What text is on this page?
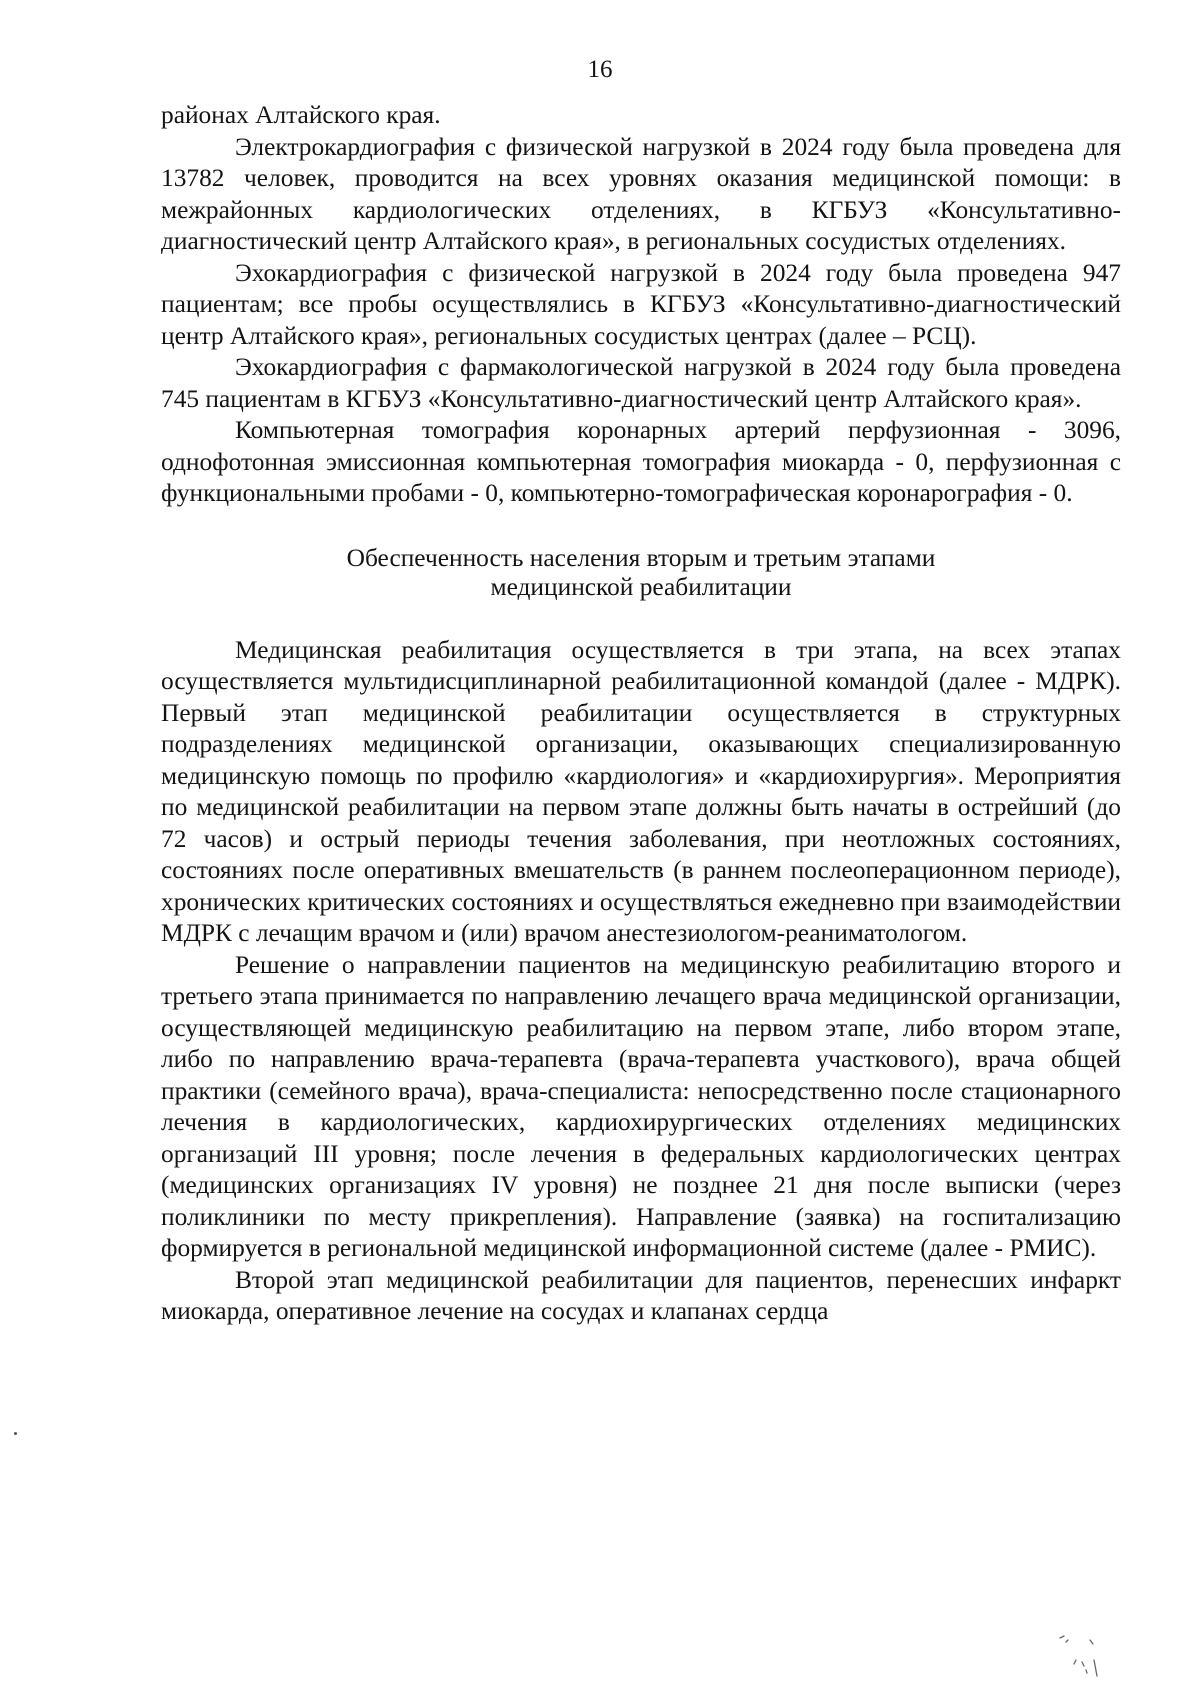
16

районах Алтайского края.

Электрокардиография с физической нагрузкой в 2024 году была проведена для 13782 человек, проводится на всех уровнях оказания медицинской помощи: в межрайонных кардиологических отделениях, в КГБУЗ «Консультативно-диагностический центр Алтайского края», в региональных сосудистых отделениях.

Эхокардиография с физической нагрузкой в 2024 году была проведена 947 пациентам; все пробы осуществлялись в КГБУЗ «Консультативно-диагностический центр Алтайского края», региональных сосудистых центрах (далее – РСЦ).

Эхокардиография с фармакологической нагрузкой в 2024 году была проведена 745 пациентам в КГБУЗ «Консультативно-диагностический центр Алтайского края».

Компьютерная томография коронарных артерий перфузионная - 3096, однофотонная эмиссионная компьютерная томография миокарда - 0, перфузионная с функциональными пробами - 0, компьютерно-томографическая коронарография - 0.

Обеспеченность населения вторым и третьим этапами
медицинской реабилитации

Медицинская реабилитация осуществляется в три этапа, на всех этапах осуществляется мультидисциплинарной реабилитационной командой (далее - МДРК). Первый этап медицинской реабилитации осуществляется в структурных подразделениях медицинской организации, оказывающих специализированную медицинскую помощь по профилю «кардиология» и «кардиохирургия». Мероприятия по медицинской реабилитации на первом этапе должны быть начаты в острейший (до 72 часов) и острый периоды течения заболевания, при неотложных состояниях, состояниях после оперативных вмешательств (в раннем послеоперационном периоде), хронических критических состояниях и осуществляться ежедневно при взаимодействии МДРК с лечащим врачом и (или) врачом анестезиологом-реаниматологом.

Решение о направлении пациентов на медицинскую реабилитацию второго и третьего этапа принимается по направлению лечащего врача медицинской организации, осуществляющей медицинскую реабилитацию на первом этапе, либо втором этапе, либо по направлению врача-терапевта (врача-терапевта участкового), врача общей практики (семейного врача), врача-специалиста: непосредственно после стационарного лечения в кардиологических, кардиохирургических отделениях медицинских организаций III уровня; после лечения в федеральных кардиологических центрах (медицинских организациях IV уровня) не позднее 21 дня после выписки (через поликлиники по месту прикрепления). Направление (заявка) на госпитализацию формируется в региональной медицинской информационной системе (далее - РМИС).

Второй этап медицинской реабилитации для пациентов, перенесших инфаркт миокарда, оперативное лечение на сосудах и клапанах сердца
